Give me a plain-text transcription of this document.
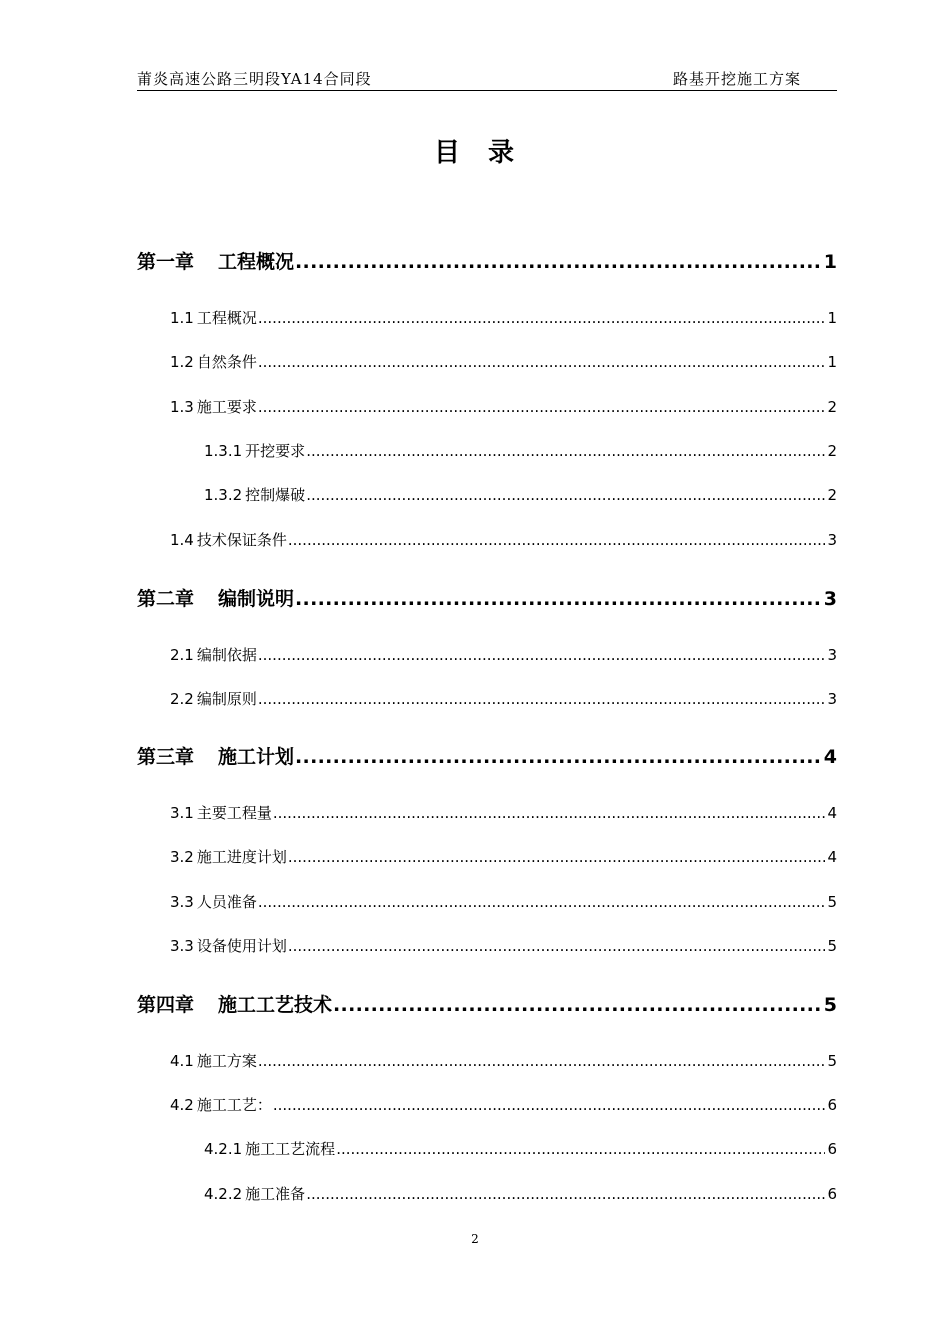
莆炎高速公路三明段YA14合同段	路基开挖施工方案
目 录
第一章 工程概况 .....	1
1.1 工程概况 .....	1
1.2 自然条件 .....	1
1.3 施工要求 .....	2
1.3.1 开挖要求 .....	2
1.3.2 控制爆破 .....	2
1.4 技术保证条件 .....	3
第二章 编制说明 .....	3
2.1 编制依据 .....	3
2.2 编制原则 .....	3
第三章 施工计划 .....	4
3.1 主要工程量 .....	4
3.2 施工进度计划 .....	4
3.3 人员准备 .....	5
3.3 设备使用计划 .....	5
第四章 施工工艺技术 .....	5
4.1 施工方案 .....	5
4.2 施工工艺： .....	6
4.2.1 施工工艺流程 .....	6
4.2.2 施工准备 .....	6
2
